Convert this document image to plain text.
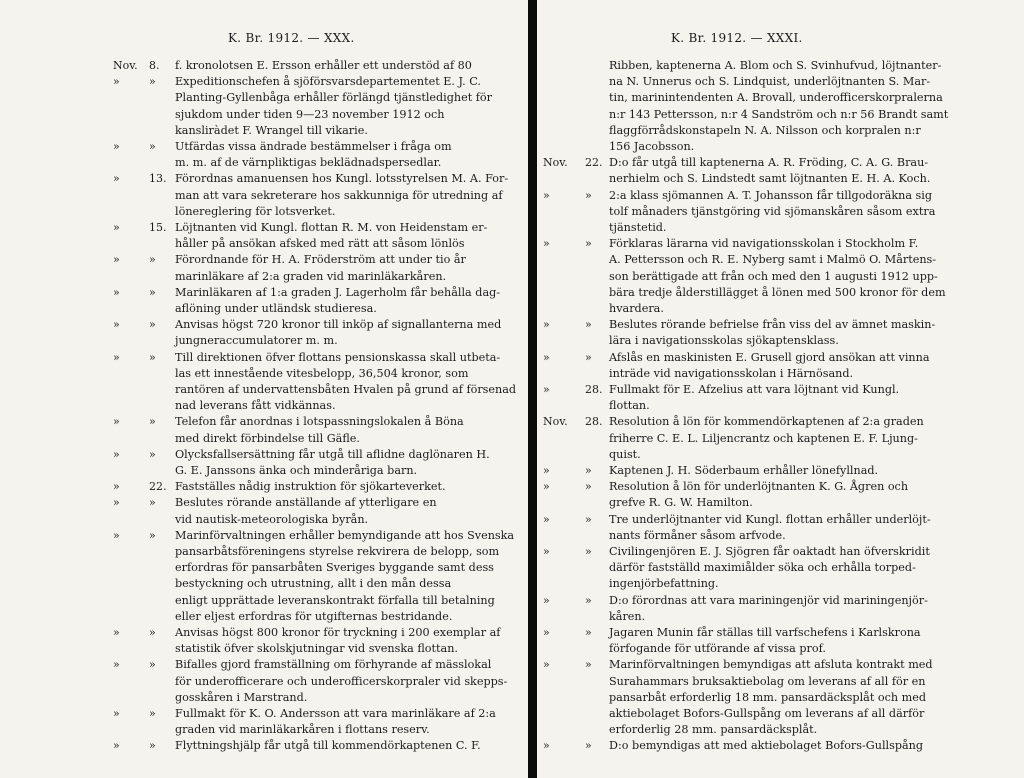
K. Br. 1912. — XXX.
Nov. 8. f. kronolotsen E. Ersson erhåller ett understöd af 80
»	» Expeditionschefen å sjöförsvarsdepartementet E. J. C.
Planting-Gyllenbåga erhåller förlängd tjänstledighet för
sjukdom under tiden 9—23 november 1912 och
kansliràdet F. Wrangel till vikarie.
»	» Utfärdas vissa ändrade bestämmelser i fråga om
m. m. af de värnpliktigas beklädnadspersedlar.
»	13. Förordnas amanuensen hos Kungl. lotsstyrelsen M. A. For-
man att vara sekreterare hos sakkunniga för utredning af
lönereglering för lotsverket.
»	15. Löjtnanten vid Kungl. flottan R. M. von Heidenstam er-
håller på ansökan afsked med rätt att såsom lönlös
»	» Förordnande för H. A. Fröderström att under tio år
marinläkare af 2:a graden vid marinläkarkåren.
»	» Marinläkaren af 1:a graden J. Lagerholm får behålla dag-
aflöning under utländsk studieresa.
»	» Anvisas högst 720 kronor till inköp af signallanterna med
jungneraccumulatorer m. m.
»	» Till direktionen öfver flottans pensionskassa skall utbeta-
las ett innestående vitesbelopp, 36,504 kronor, som
rantören af undervattensbåten Hvalen på grund af försenad
nad leverans fått vidkännas.
»	» Telefon får anordnas i lotspassningslokalen å Böna
med direkt förbindelse till Gäfle.
»	» Olycksfallsersättning får utgå till aflidne daglönaren H.
G. E. Janssons änka och minderåriga barn.
»	22. Fastställes nådig instruktion för sjökarteverket.
»	» Beslutes rörande anställande af ytterligare en
vid nautisk-meteorologiska byrån.
»	» Marinförvaltningen erhåller bemyndigande att hos Svenska
pansarbåtsföreningens styrelse rekvirera de belopp, som
erfordras för pansarbåten Sveriges byggande samt dess
bestyckning och utrustning, allt i den mån dessa
enligt upprättade leveranskontrakt förfalla till betalning
eller eljest erfordras för utgifternas bestridande.
»	» Anvisas högst 800 kronor för tryckning i 200 exemplar af
statistik öfver skolskjutningar vid svenska flottan.
»	» Bifalles gjord framställning om förhyrande af mässlokal
för underofficerare och underofficerskorpraler vid skepps-
gosskåren i Marstrand.
»	» Fullmakt för K. O. Andersson att vara marinläkare af 2:a
graden vid marinläkarkåren i flottans reserv.
»	» Flyttningshjälp får utgå till kommendörkaptenen C. F.
K. Br. 1912. — XXXI.
Ribben, kaptenerna A. Blom och S. Svinhufvud, löjtnanter-
na N. Unnerus och S. Lindquist, underlöjtnanten S. Mar-
tin, marinintendenten A. Brovall, underofficerskorpralerna
n:r 143 Pettersson, n:r 4 Sandström och n:r 56 Brandt samt
flaggförrådskonstapeln N. A. Nilsson och korpralen n:r
156 Jacobsson.
Nov. 22. D:o får utgå till kaptenerna A. R. Fröding, C. A. G. Brau-
nerhielm och S. Lindstedt samt löjtnanten E. H. A. Koch.
»	» 2:a klass sjömannen A. T. Johansson får tillgodoräkna sig
tolf månaders tjänstgöring vid sjömanskåren såsom extra
tjänstetid.
»	» Förklaras lärarna vid navigationsskolan i Stockholm F.
A. Pettersson och R. E. Nyberg samt i Malmö O. Mårtens-
son berättigade att från och med den 1 augusti 1912 upp-
bära tredje ålderstillägget å lönen med 500 kronor för dem
hvardera.
»	» Beslutes rörande befrielse från viss del av ämnet maskin-
lära i navigationsskolas sjökaptensklass.
»	» Afslås en maskinisten E. Grusell gjord ansökan att vinna
inträde vid navigationsskolan i Härnösand.
»	28. Fullmakt för E. Afzelius att vara löjtnant vid Kungl.
flottan.
Nov. 28. Resolution å lön för kommendörkaptenen af 2:a graden
friherre C. E. L. Liljencrantz och kaptenen E. F. Ljung-
quist.
»	» Kaptenen J. H. Söderbaum erhåller lönefyllnad.
»	» Resolution å lön för underlöjtnanten K. G. Ågren och
grefve R. G. W. Hamilton.
»	» Tre underlöjtnanter vid Kungl. flottan erhåller underlöjt-
nants förmåner såsom arfvode.
»	» Civilingenjören E. J. Sjögren får oaktadt han öfverskridit
därför fastställd maximiålder söka och erhålla torped-
ingenjörbefattning.
»	» D:o förordnas att vara mariningenjör vid mariningenjör-
kåren.
»	» Jagaren Munin får ställas till varfschefens i Karlskrona
förfogande för utförande af vissa prof.
»	» Marinförvaltningen bemyndigas att afsluta kontrakt med
Surahammars bruksaktiebolag om leverans af all för en
pansarbåt erforderlig 18 mm. pansardäcksplåt och med
aktiebolaget Bofors-Gullspång om leverans af all därför
erforderlig 28 mm. pansardäcksplåt.
»	» D:o bemyndigas att med aktiebolaget Bofors-Gullspång
